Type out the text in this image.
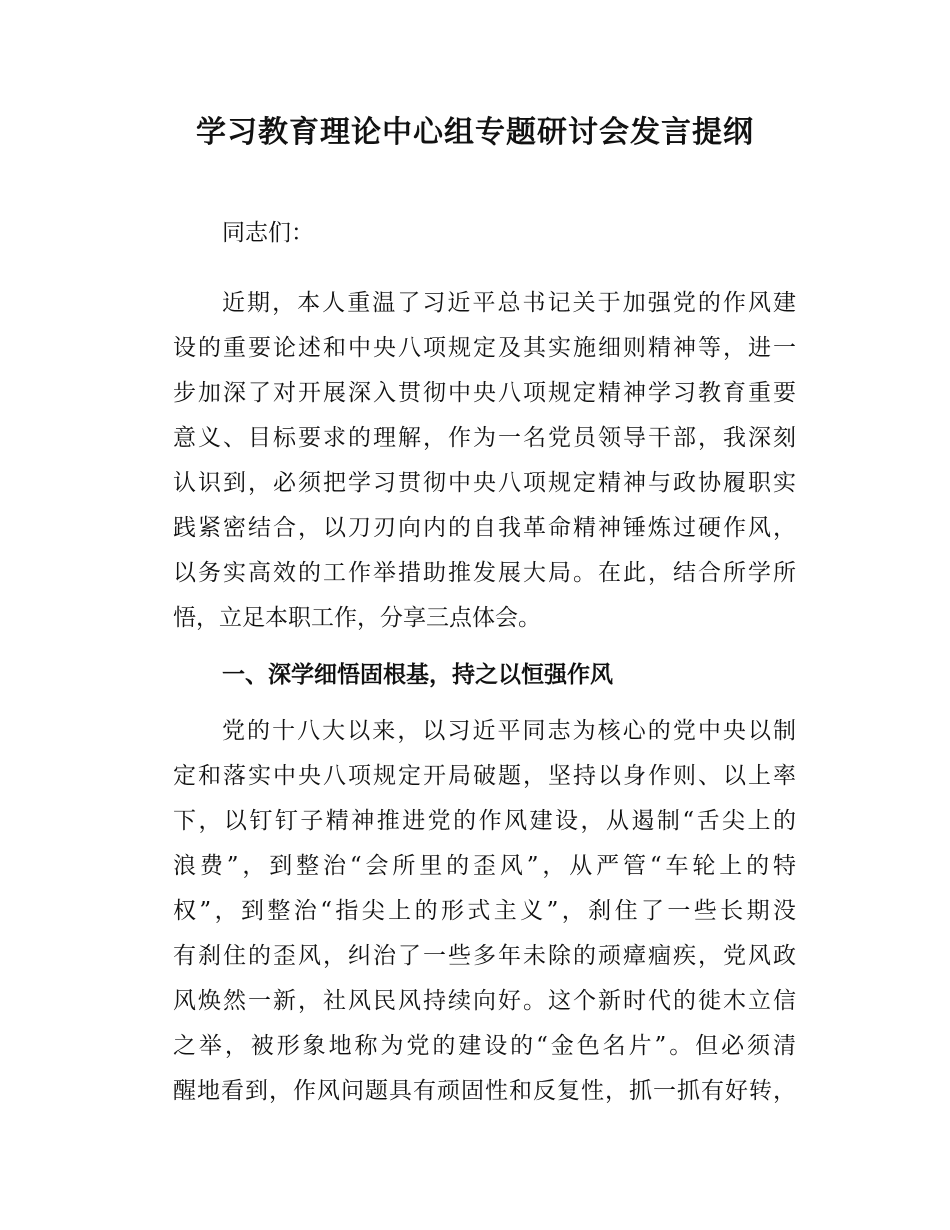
学习教育理论中心组专题研讨会发言提纲
同志们：
近期，本人重温了习近平总书记关于加强党的作风建
设的重要论述和中央八项规定及其实施细则精神等，进一
步加深了对开展深入贯彻中央八项规定精神学习教育重要
意义、目标要求的理解，作为一名党员领导干部，我深刻
认识到，必须把学习贯彻中央八项规定精神与政协履职实
践紧密结合，以刀刃向内的自我革命精神锤炼过硬作风，
以务实高效的工作举措助推发展大局。在此，结合所学所
悟，立足本职工作，分享三点体会。
一、深学细悟固根基，持之以恒强作风
党的十八大以来，以习近平同志为核心的党中央以制
定和落实中央八项规定开局破题，坚持以身作则、以上率
下，以钉钉子精神推进党的作风建设，从遏制“舌尖上的
浪费”，到整治“会所里的歪风”，从严管“车轮上的特
权”，到整治“指尖上的形式主义”，刹住了一些长期没
有刹住的歪风，纠治了一些多年未除的顽瘴痼疾，党风政
风焕然一新，社风民风持续向好。这个新时代的徙木立信
之举，被形象地称为党的建设的“金色名片”。但必须清
醒地看到，作风问题具有顽固性和反复性，抓一抓有好转，
